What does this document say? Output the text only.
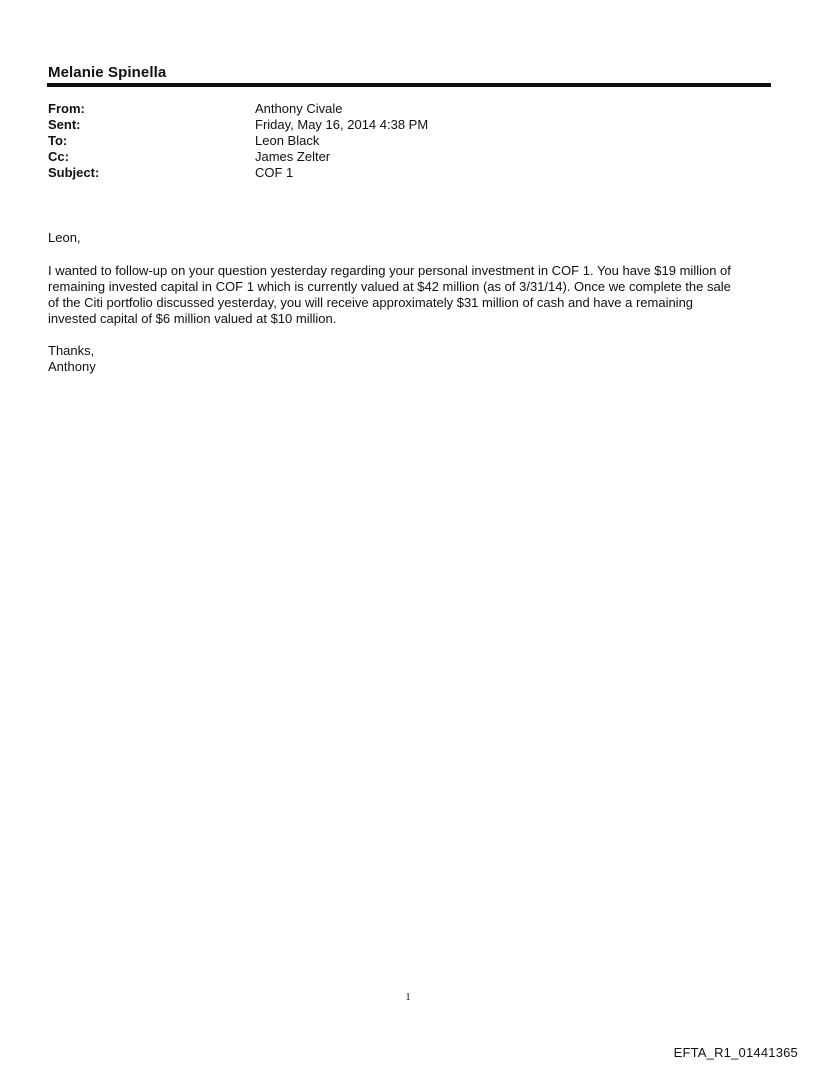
Melanie Spinella
From:	Anthony Civale
Sent:	Friday, May 16, 2014 4:38 PM
To:	Leon Black
Cc:	James Zelter
Subject:	COF 1
Leon,
I wanted to follow-up on your question yesterday regarding your personal investment in COF 1. You have $19 million of
remaining invested capital in COF 1 which is currently valued at $42 million (as of 3/31/14). Once we complete the sale
of the Citi portfolio discussed yesterday, you will receive approximately $31 million of cash and have a remaining
invested capital of $6 million valued at $10 million.
Thanks,
Anthony
1
EFTA_R1_01441365
